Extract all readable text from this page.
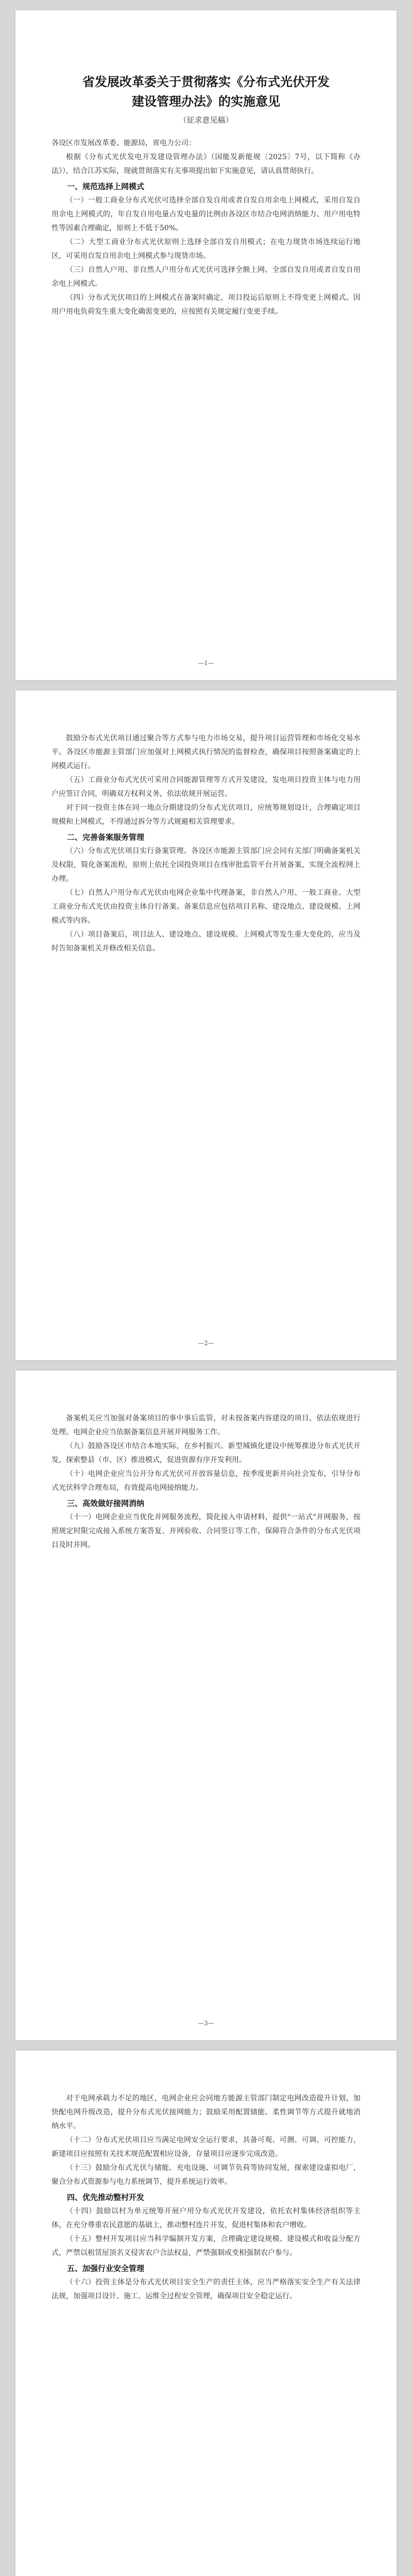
省发展改革委关于贯彻落实《分布式光伏开发
建设管理办法》的实施意见
（征求意见稿）

各设区市发展改革委、能源局，省电力公司：

根据《分布式光伏发电开发建设管理办法》（国能发新能规〔2025〕7号，以下简称《办法》），结合江苏实际，现就贯彻落实有关事项提出如下实施意见，请认真贯彻执行。

一、规范选择上网模式

（一）一般工商业分布式光伏可选择全部自发自用或者自发自用余电上网模式，采用自发自用余电上网模式的，年自发自用电量占发电量的比例由各设区市结合电网消纳能力、用户用电特性等因素合理确定，原则上不低于50%。

（二）大型工商业分布式光伏原则上选择全部自发自用模式；在电力现货市场连续运行地区，可采用自发自用余电上网模式参与现货市场。

（三）自然人户用、非自然人户用分布式光伏可选择全额上网、全部自发自用或者自发自用余电上网模式。

（四）分布式光伏项目的上网模式在备案时确定，项目投运后原则上不得变更上网模式。因用户用电负荷发生重大变化确需变更的，应按照有关规定履行变更手续。

—1—

鼓励分布式光伏项目通过聚合等方式参与电力市场交易，提升项目运营管理和市场化交易水平。各设区市能源主管部门应加强对上网模式执行情况的监督检查，确保项目按照备案确定的上网模式运行。

（五）工商业分布式光伏可采用合同能源管理等方式开发建设，发电项目投资主体与电力用户应签订合同，明确双方权利义务，依法依规开展运营。

对于同一投资主体在同一地点分期建设的分布式光伏项目，应统筹规划设计，合理确定项目规模和上网模式，不得通过拆分等方式规避相关管理要求。

二、完善备案服务管理

（六）分布式光伏项目实行备案管理。各设区市能源主管部门应会同有关部门明确备案机关及权限，简化备案流程，原则上依托全国投资项目在线审批监管平台开展备案，实现全流程网上办理。

（七）自然人户用分布式光伏由电网企业集中代理备案，非自然人户用、一般工商业、大型工商业分布式光伏由投资主体自行备案。备案信息应包括项目名称、建设地点、建设规模、上网模式等内容。

（八）项目备案后，项目法人、建设地点、建设规模、上网模式等发生重大变化的，应当及时告知备案机关并修改相关信息。

—2—

备案机关应当加强对备案项目的事中事后监管，对未按备案内容建设的项目，依法依规进行处理。电网企业应当依据备案信息开展并网服务工作。

（九）鼓励各设区市结合本地实际，在乡村振兴、新型城镇化建设中统筹推进分布式光伏开发，探索整县（市、区）推进模式，促进资源有序开发利用。

（十）电网企业应当公开分布式光伏可开放容量信息，按季度更新并向社会发布，引导分布式光伏科学合理布局，有效提高电网接纳能力。

三、高效做好接网消纳

（十一）电网企业应当优化并网服务流程，简化接入申请材料，提供"一站式"并网服务，按照规定时限完成接入系统方案答复、并网验收、合同签订等工作，保障符合条件的分布式光伏项目及时并网。

—3—

对于电网承载力不足的地区，电网企业应会同地方能源主管部门制定电网改造提升计划，加快配电网升级改造，提升分布式光伏接网能力；鼓励采用配置储能、柔性调节等方式提升就地消纳水平。

（十二）分布式光伏项目应当满足电网安全运行要求，具备可观、可测、可调、可控能力，新建项目应按照有关技术规范配置相应设备，存量项目应逐步完成改造。

（十三）鼓励分布式光伏与储能、充电设施、可调节负荷等协同发展，探索建设虚拟电厂，聚合分布式资源参与电力系统调节，提升系统运行效率。

四、优先推动整村开发

（十四）鼓励以村为单元统筹开展户用分布式光伏开发建设，依托农村集体经济组织等主体，在充分尊重农民意愿的基础上，推动整村连片开发，促进村集体和农户增收。

（十五）整村开发项目应当科学编制开发方案，合理确定建设规模、建设模式和收益分配方式，严禁以租赁屋顶名义侵害农户合法权益，严禁强制或变相强制农户参与。

五、加强行业安全管理

（十六）投资主体是分布式光伏项目安全生产的责任主体，应当严格落实安全生产有关法律法规，加强项目设计、施工、运维全过程安全管理，确保项目安全稳定运行。
